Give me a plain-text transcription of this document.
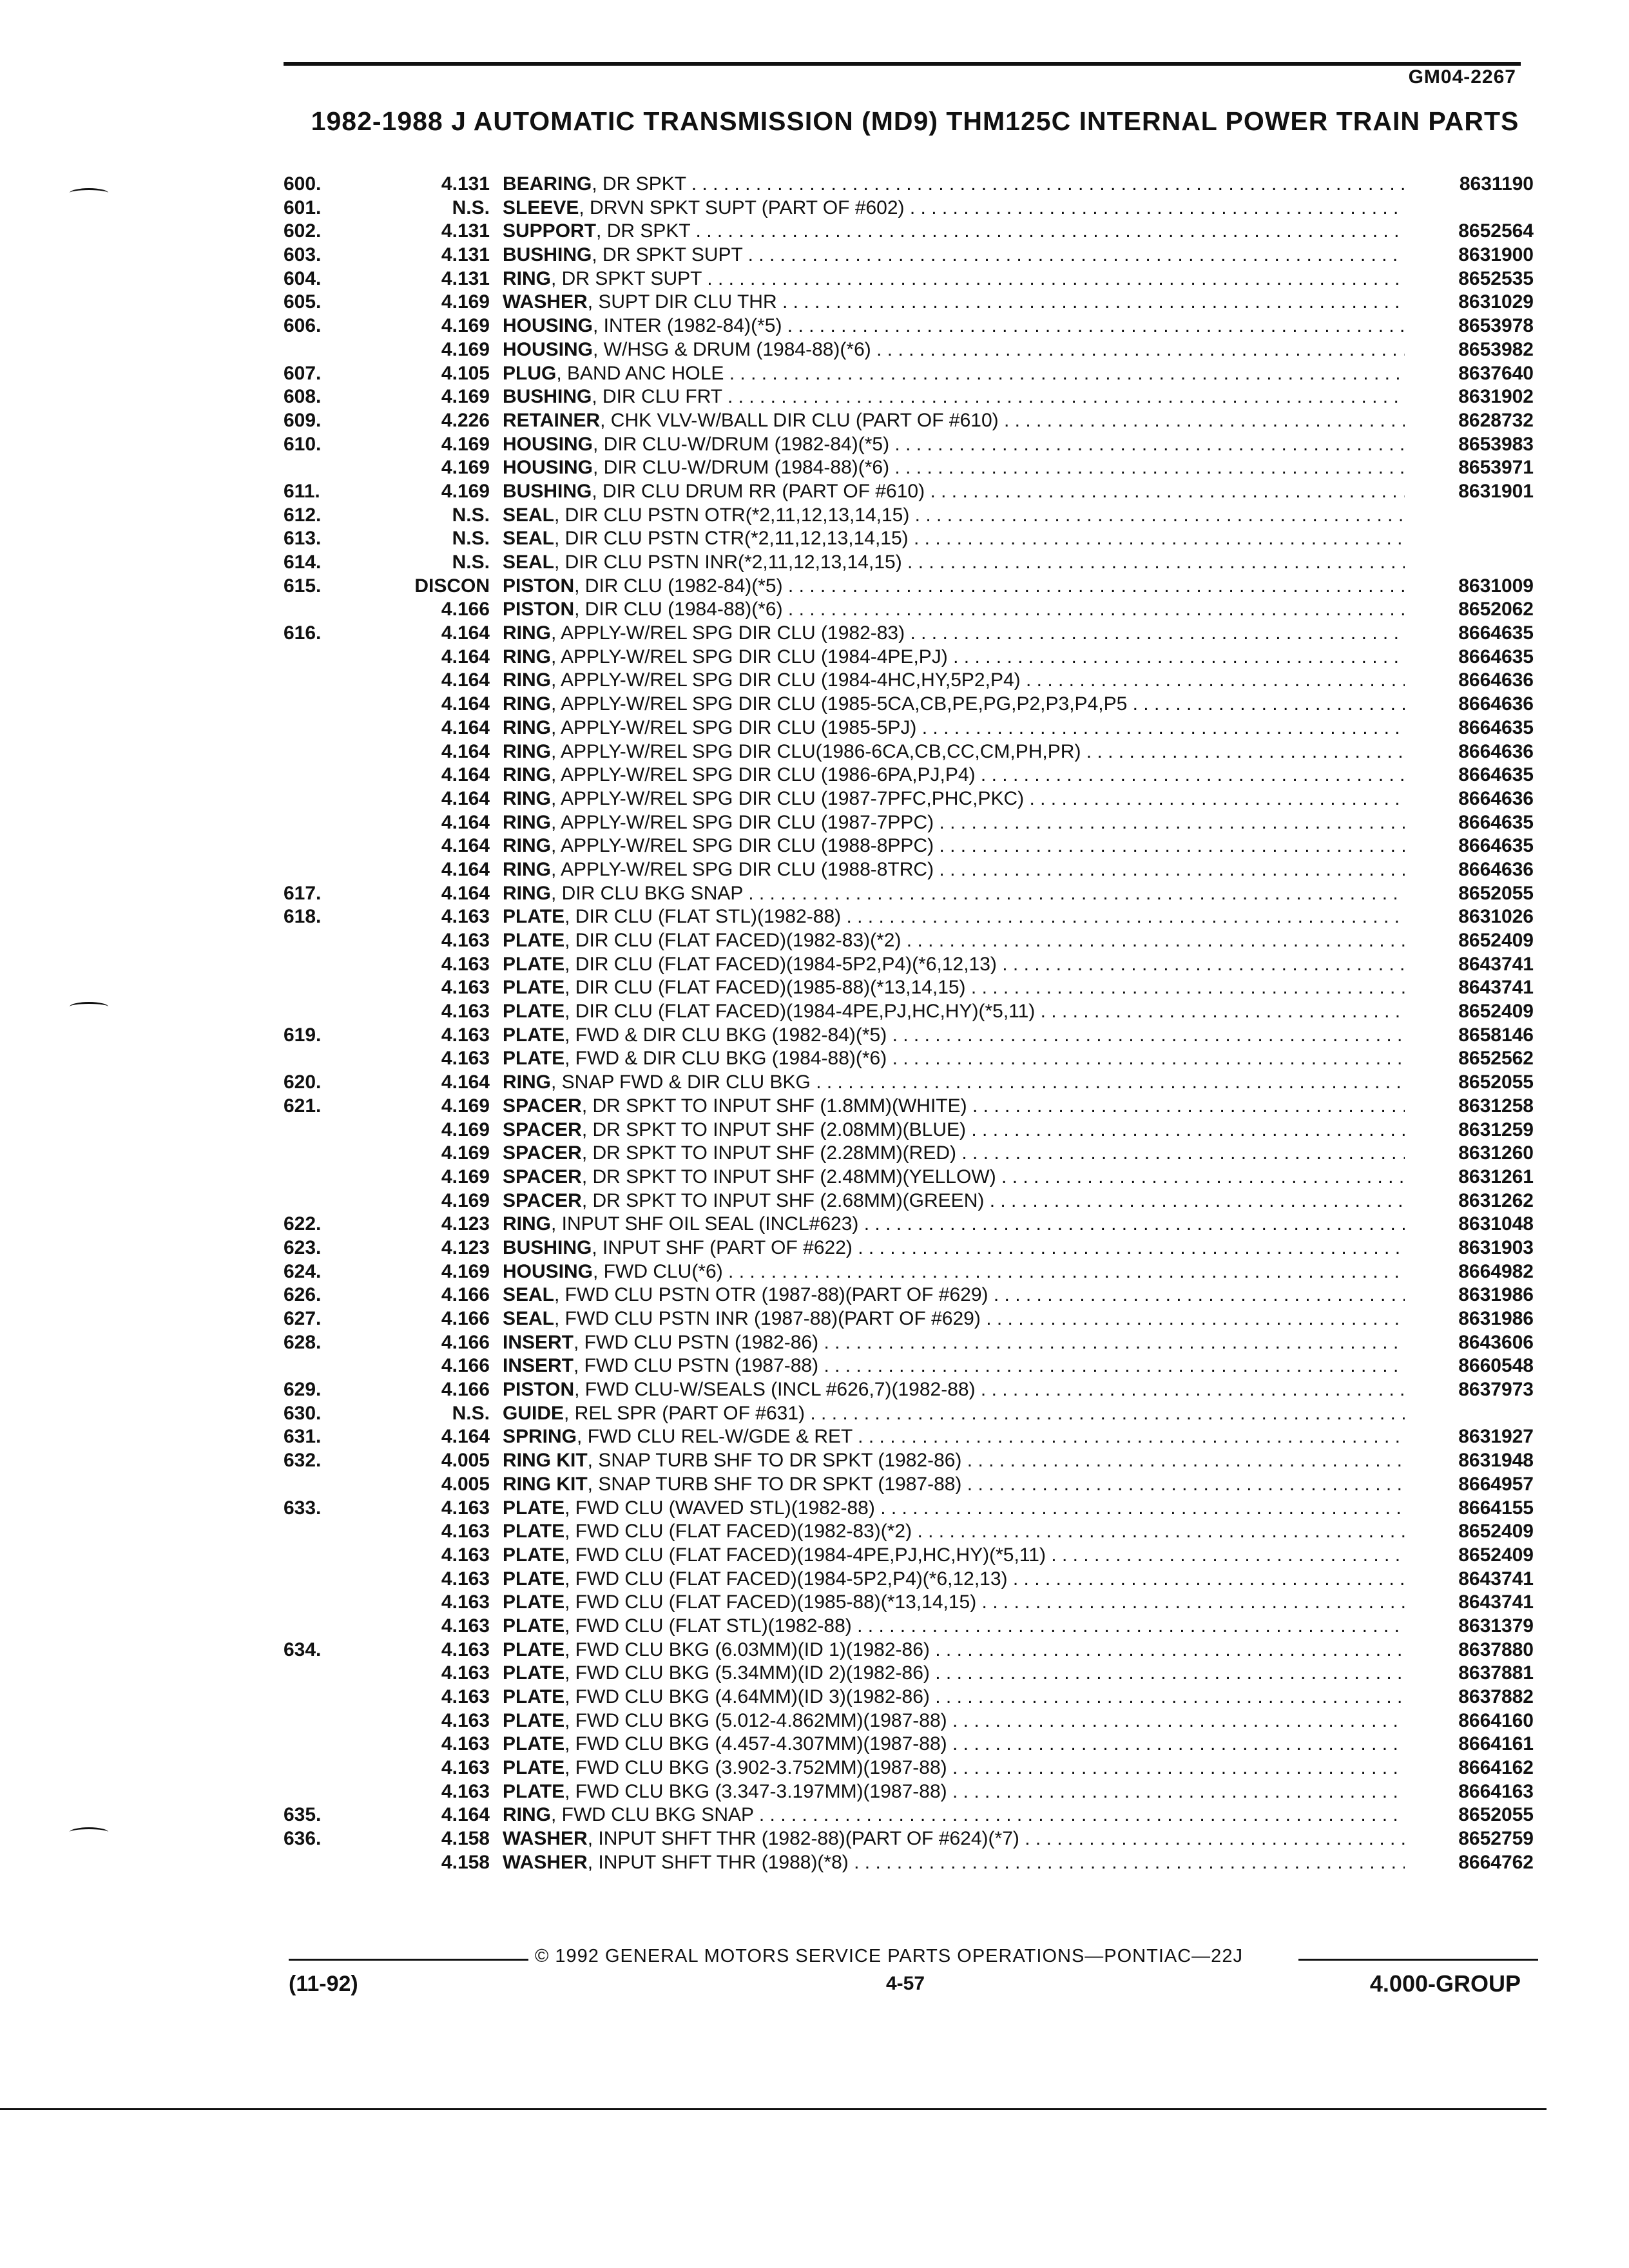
GM04-2267
1982-1988 J AUTOMATIC TRANSMISSION (MD9) THM125C INTERNAL POWER TRAIN PARTS
600.	4.131 BEARING, DR SPKT . . .	8631190
601.	N.S. SLEEVE, DRVN SPKT SUPT (PART OF #602) . . .
602.	4.131 SUPPORT, DR SPKT . . .	8652564
603.	4.131 BUSHING, DR SPKT SUPT . . .	8631900
604.	4.131 RING, DR SPKT SUPT . . .	8652535
605.	4.169 WASHER, SUPT DIR CLU THR . . .	8631029
606.	4.169 HOUSING, INTER (1982-84)(*5) . . .	8653978
4.169 HOUSING, W/HSG & DRUM (1984-88)(*6) . . .	8653982
607.	4.105 PLUG, BAND ANC HOLE . . .	8637640
608.	4.169 BUSHING, DIR CLU FRT . . .	8631902
609.	4.226 RETAINER, CHK VLV-W/BALL DIR CLU (PART OF #610) . . .	8628732
610.	4.169 HOUSING, DIR CLU-W/DRUM (1982-84)(*5) . . .	8653983
4.169 HOUSING, DIR CLU-W/DRUM (1984-88)(*6) . . .	8653971
611.	4.169 BUSHING, DIR CLU DRUM RR (PART OF #610) . . .	8631901
612.	N.S. SEAL, DIR CLU PSTN OTR(*2,11,12,13,14,15) . . .
613.	N.S. SEAL, DIR CLU PSTN CTR(*2,11,12,13,14,15) . . .
614.	N.S. SEAL, DIR CLU PSTN INR(*2,11,12,13,14,15) . . .
615.	DISCON PISTON, DIR CLU (1982-84)(*5) . . .	8631009
4.166 PISTON, DIR CLU (1984-88)(*6) . . .	8652062
616.	4.164 RING, APPLY-W/REL SPG DIR CLU (1982-83) . . .	8664635
4.164 RING, APPLY-W/REL SPG DIR CLU (1984-4PE,PJ) . . .	8664635
4.164 RING, APPLY-W/REL SPG DIR CLU (1984-4HC,HY,5P2,P4) . . .	8664636
4.164 RING, APPLY-W/REL SPG DIR CLU (1985-5CA,CB,PE,PG,P2,P3,P4,P5 . . .	8664636
4.164 RING, APPLY-W/REL SPG DIR CLU (1985-5PJ) . . .	8664635
4.164 RING, APPLY-W/REL SPG DIR CLU(1986-6CA,CB,CC,CM,PH,PR) . . .	8664636
4.164 RING, APPLY-W/REL SPG DIR CLU (1986-6PA,PJ,P4) . . .	8664635
4.164 RING, APPLY-W/REL SPG DIR CLU (1987-7PFC,PHC,PKC) . . .	8664636
4.164 RING, APPLY-W/REL SPG DIR CLU (1987-7PPC) . . .	8664635
4.164 RING, APPLY-W/REL SPG DIR CLU (1988-8PPC) . . .	8664635
4.164 RING, APPLY-W/REL SPG DIR CLU (1988-8TRC) . . .	8664636
617.	4.164 RING, DIR CLU BKG SNAP . . .	8652055
618.	4.163 PLATE, DIR CLU (FLAT STL)(1982-88) . . .	8631026
4.163 PLATE, DIR CLU (FLAT FACED)(1982-83)(*2) . . .	8652409
4.163 PLATE, DIR CLU (FLAT FACED)(1984-5P2,P4)(*6,12,13) . . .	8643741
4.163 PLATE, DIR CLU (FLAT FACED)(1985-88)(*13,14,15) . . .	8643741
4.163 PLATE, DIR CLU (FLAT FACED)(1984-4PE,PJ,HC,HY)(*5,11) . . .	8652409
619.	4.163 PLATE, FWD & DIR CLU BKG (1982-84)(*5) . . .	8658146
4.163 PLATE, FWD & DIR CLU BKG (1984-88)(*6) . . .	8652562
620.	4.164 RING, SNAP FWD & DIR CLU BKG . . .	8652055
621.	4.169 SPACER, DR SPKT TO INPUT SHF (1.8MM)(WHITE) . . .	8631258
4.169 SPACER, DR SPKT TO INPUT SHF (2.08MM)(BLUE) . . .	8631259
4.169 SPACER, DR SPKT TO INPUT SHF (2.28MM)(RED) . . .	8631260
4.169 SPACER, DR SPKT TO INPUT SHF (2.48MM)(YELLOW) . . .	8631261
4.169 SPACER, DR SPKT TO INPUT SHF (2.68MM)(GREEN) . . .	8631262
622.	4.123 RING, INPUT SHF OIL SEAL (INCL#623) . . .	8631048
623.	4.123 BUSHING, INPUT SHF (PART OF #622) . . .	8631903
624.	4.169 HOUSING, FWD CLU(*6) . . .	8664982
626.	4.166 SEAL, FWD CLU PSTN OTR (1987-88)(PART OF #629) . . .	8631986
627.	4.166 SEAL, FWD CLU PSTN INR (1987-88)(PART OF #629) . . .	8631986
628.	4.166 INSERT, FWD CLU PSTN (1982-86) . . .	8643606
4.166 INSERT, FWD CLU PSTN (1987-88) . . .	8660548
629.	4.166 PISTON, FWD CLU-W/SEALS (INCL #626,7)(1982-88) . . .	8637973
630.	N.S. GUIDE, REL SPR (PART OF #631) . . .
631.	4.164 SPRING, FWD CLU REL-W/GDE & RET . . .	8631927
632.	4.005 RING KIT, SNAP TURB SHF TO DR SPKT (1982-86) . . .	8631948
4.005 RING KIT, SNAP TURB SHF TO DR SPKT (1987-88) . . .	8664957
633.	4.163 PLATE, FWD CLU (WAVED STL)(1982-88) . . .	8664155
4.163 PLATE, FWD CLU (FLAT FACED)(1982-83)(*2) . . .	8652409
4.163 PLATE, FWD CLU (FLAT FACED)(1984-4PE,PJ,HC,HY)(*5,11) . . .	8652409
4.163 PLATE, FWD CLU (FLAT FACED)(1984-5P2,P4)(*6,12,13) . . .	8643741
4.163 PLATE, FWD CLU (FLAT FACED)(1985-88)(*13,14,15) . . .	8643741
4.163 PLATE, FWD CLU (FLAT STL)(1982-88) . . .	8631379
634.	4.163 PLATE, FWD CLU BKG (6.03MM)(ID 1)(1982-86) . . .	8637880
4.163 PLATE, FWD CLU BKG (5.34MM)(ID 2)(1982-86) . . .	8637881
4.163 PLATE, FWD CLU BKG (4.64MM)(ID 3)(1982-86) . . .	8637882
4.163 PLATE, FWD CLU BKG (5.012-4.862MM)(1987-88) . . .	8664160
4.163 PLATE, FWD CLU BKG (4.457-4.307MM)(1987-88) . . .	8664161
4.163 PLATE, FWD CLU BKG (3.902-3.752MM)(1987-88) . . .	8664162
4.163 PLATE, FWD CLU BKG (3.347-3.197MM)(1987-88) . . .	8664163
635.	4.164 RING, FWD CLU BKG SNAP . . .	8652055
636.	4.158 WASHER, INPUT SHFT THR (1982-88)(PART OF #624)(*7) . . .	8652759
4.158 WASHER, INPUT SHFT THR (1988)(*8) . . .	8664762
© 1992 GENERAL MOTORS SERVICE PARTS OPERATIONS—PONTIAC—22J
(11-92)	4-57	4.000-GROUP
